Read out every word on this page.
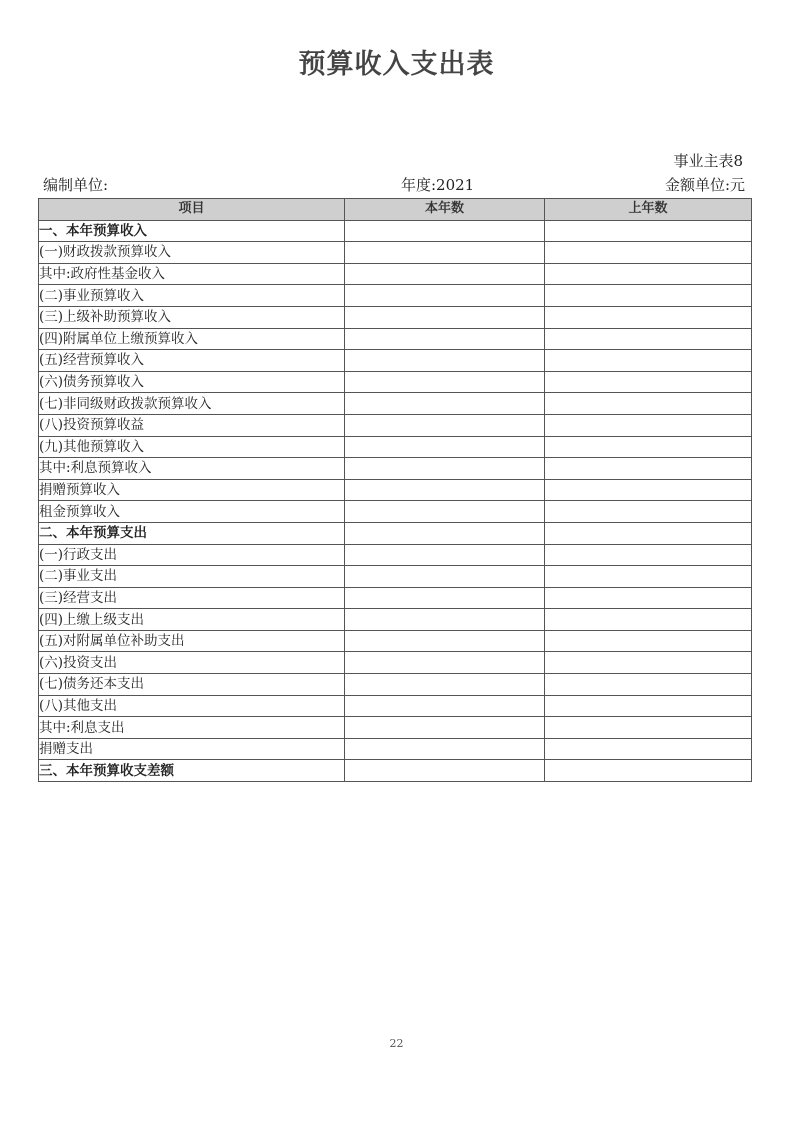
预算收入支出表
事业主表8
编制单位:	年度:2021	金额单位:元
项目	本年数	上年数
一、本年预算收入		
(一)财政拨款预算收入		
其中:政府性基金收入		
(二)事业预算收入		
(三)上级补助预算收入		
(四)附属单位上缴预算收入		
(五)经营预算收入		
(六)债务预算收入		
(七)非同级财政拨款预算收入		
(八)投资预算收益		
(九)其他预算收入		
其中:利息预算收入		
捐赠预算收入		
租金预算收入		
二、本年预算支出		
(一)行政支出		
(二)事业支出		
(三)经营支出		
(四)上缴上级支出		
(五)对附属单位补助支出		
(六)投资支出		
(七)债务还本支出		
(八)其他支出		
其中:利息支出		
捐赠支出		
三、本年预算收支差额		
22
